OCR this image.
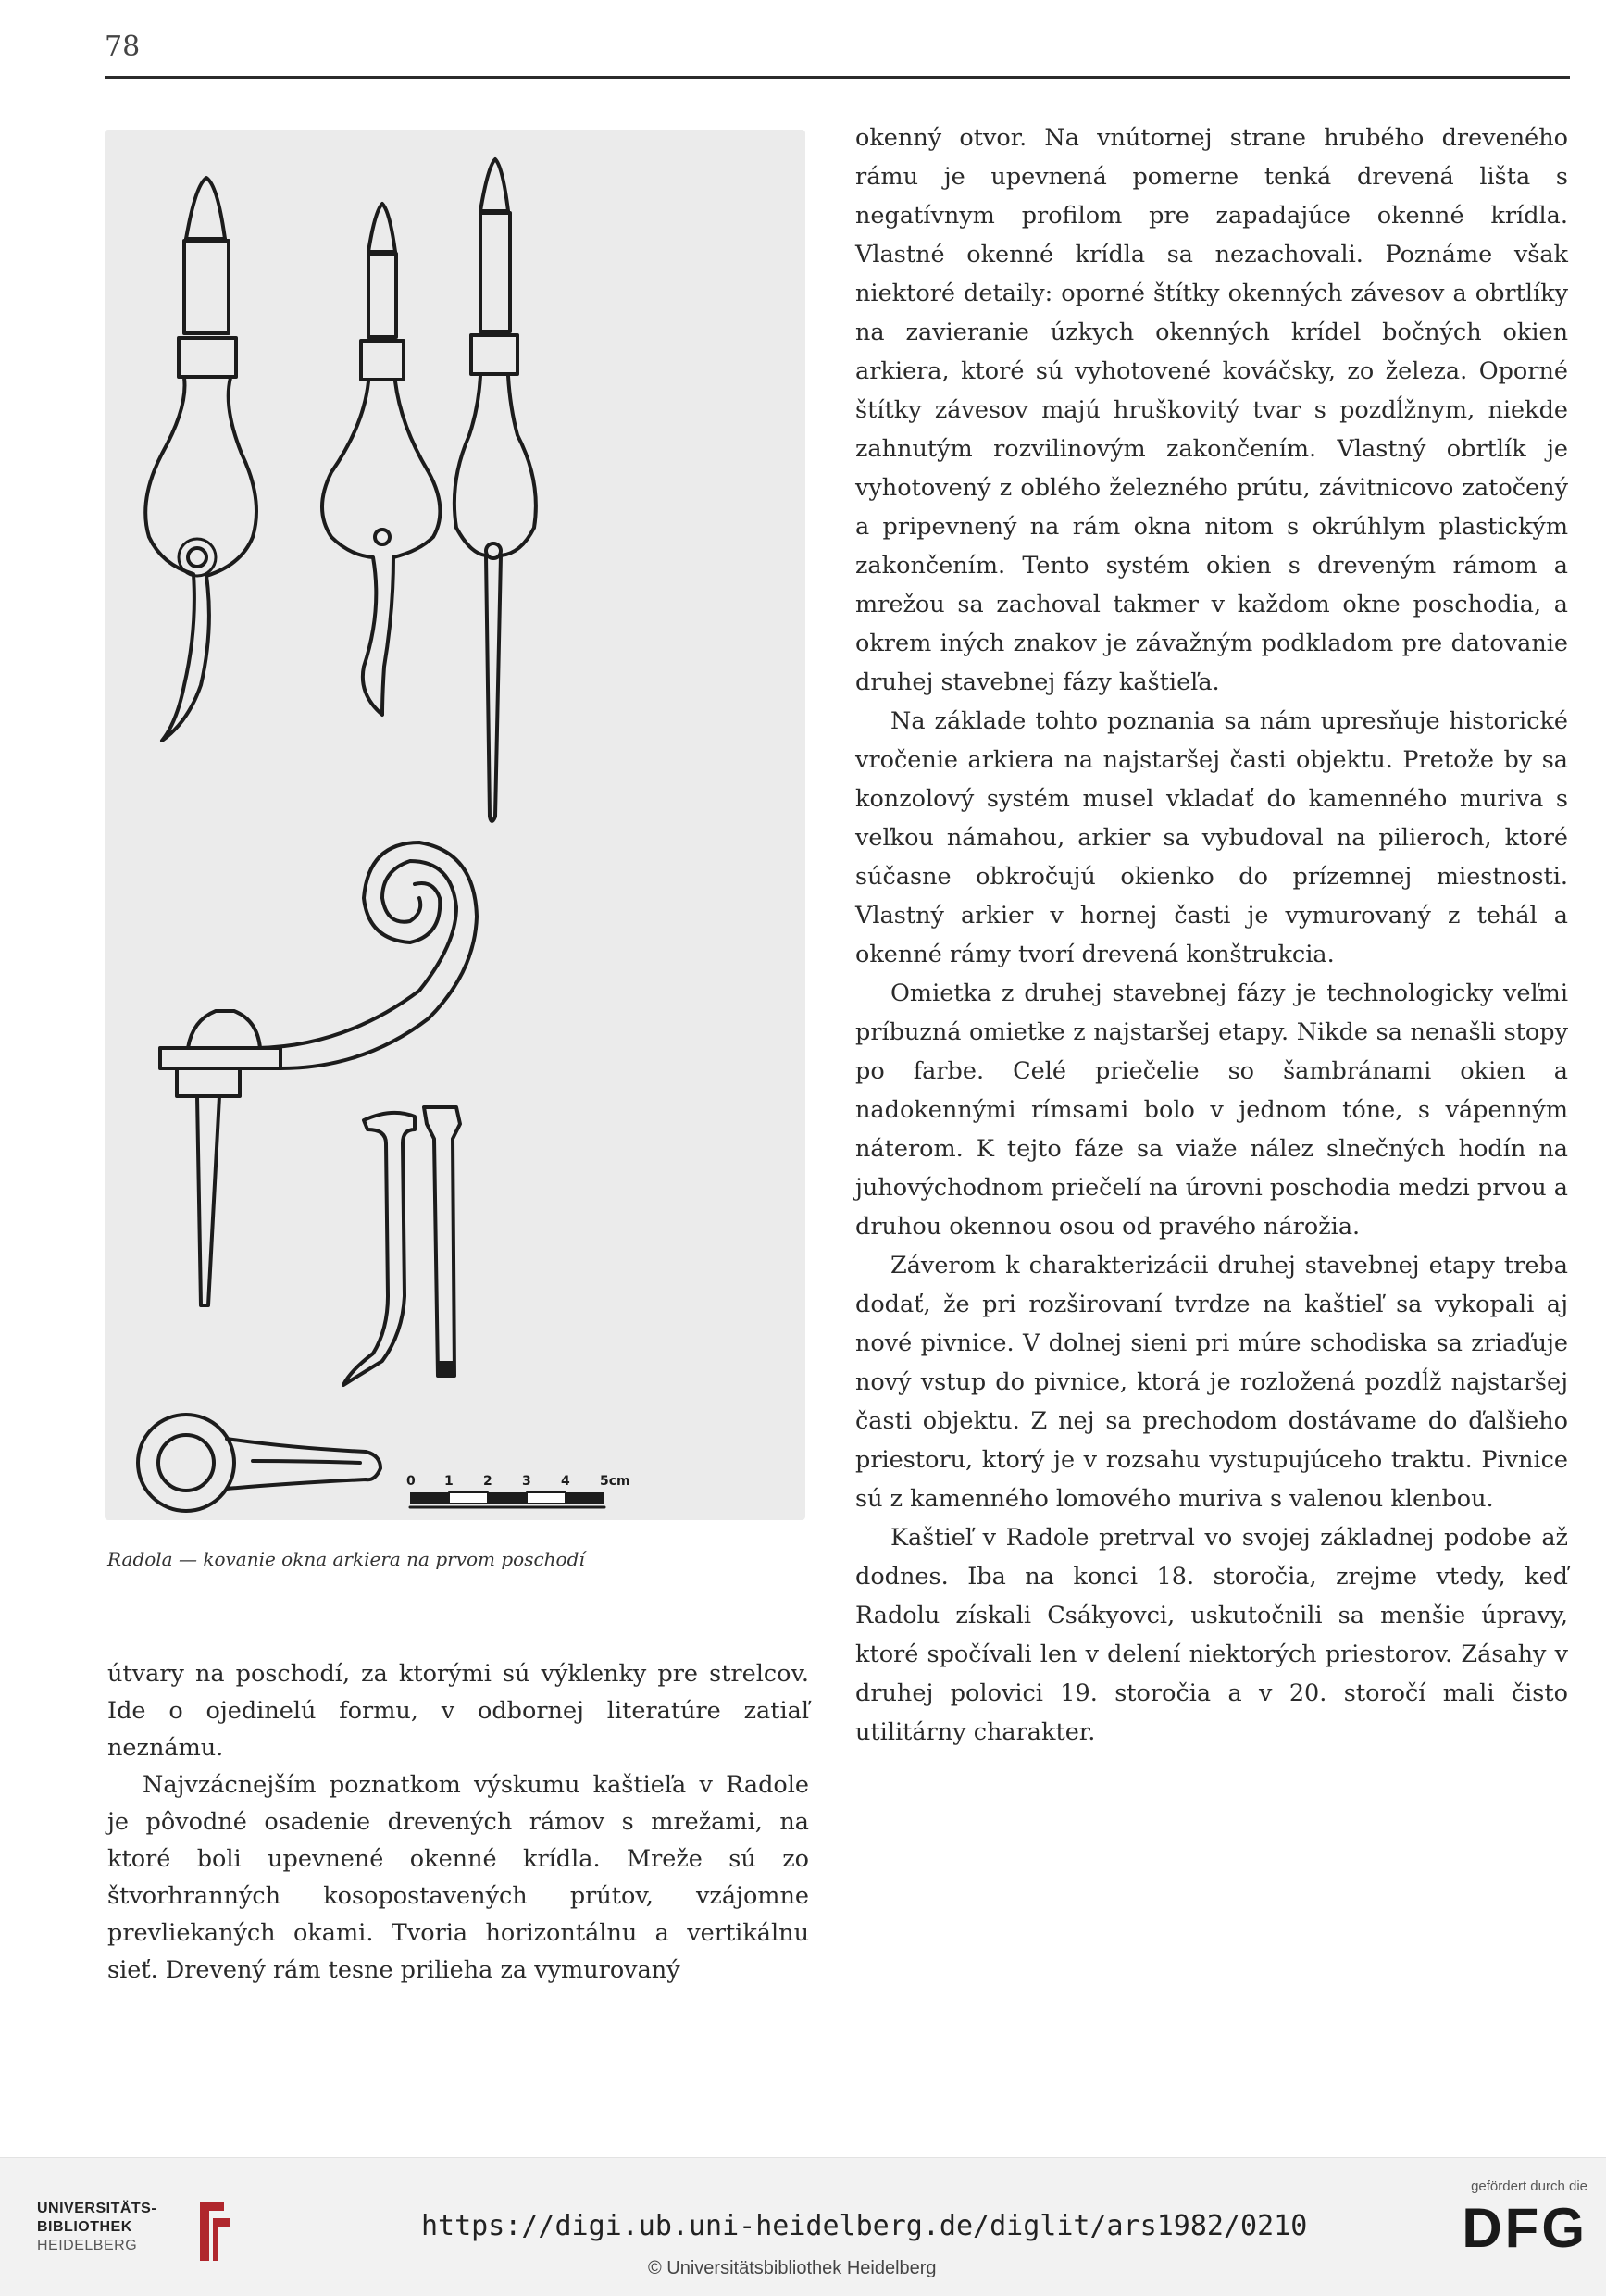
78
0 1 2 3 4 5cm
Radola — kovanie okna arkiera na prvom poschodí

útvary na poschodí, za ktorými sú výklenky pre strelcov. Ide o ojedinelú formu, v odbornej literatúre zatiaľ neznámu.

Najvzácnejším poznatkom výskumu kaštieľa v Radole je pôvodné osadenie drevených rámov s mrežami, na ktoré boli upevnené okenné krídla. Mreže sú zo štvorhranných kosopostavených prútov, vzájomne prevliekaných okami. Tvoria horizontálnu a vertikálnu sieť. Drevený rám tesne prilieha za vymurovaný

okenný otvor. Na vnútornej strane hrubého dreveného rámu je upevnená pomerne tenká drevená lišta s negatívnym profilom pre zapadajúce okenné krídla. Vlastné okenné krídla sa nezachovali. Poznáme však niektoré detaily: oporné štítky okenných závesov a obrtlíky na zavieranie úzkych okenných krídel bočných okien arkiera, ktoré sú vyhotovené kováčsky, zo železa. Oporné štítky závesov majú hruškovitý tvar s pozdĺžnym, niekde zahnutým rozvilinovým zakončením. Vlastný obrtlík je vyhotovený z oblého železného prútu, závitnicovo zatočený a pripevnený na rám okna nitom s okrúhlym plastickým zakončením. Tento systém okien s dreveným rámom a mrežou sa zachoval takmer v každom okne poschodia, a okrem iných znakov je závažným podkladom pre datovanie druhej stavebnej fázy kaštieľa.

Na základe tohto poznania sa nám upresňuje historické vročenie arkiera na najstaršej časti objektu. Pretože by sa konzolový systém musel vkladať do kamenného muriva s veľkou námahou, arkier sa vybudoval na pilieroch, ktoré súčasne obkročujú okienko do prízemnej miestnosti. Vlastný arkier v hornej časti je vymurovaný z tehál a okenné rámy tvorí drevená konštrukcia.

Omietka z druhej stavebnej fázy je technologicky veľmi príbuzná omietke z najstaršej etapy. Nikde sa nenašli stopy po farbe. Celé priečelie so šambránami okien a nadokennými rímsami bolo v jednom tóne, s vápenným náterom. K tejto fáze sa viaže nález slnečných hodín na juhovýchodnom priečelí na úrovni poschodia medzi prvou a druhou okennou osou od pravého nárožia.

Záverom k charakterizácii druhej stavebnej etapy treba dodať, že pri rozširovaní tvrdze na kaštieľ sa vykopali aj nové pivnice. V dolnej sieni pri múre schodiska sa zriaďuje nový vstup do pivnice, ktorá je rozložená pozdĺž najstaršej časti objektu. Z nej sa prechodom dostávame do ďalšieho priestoru, ktorý je v rozsahu vystupujúceho traktu. Pivnice sú z kamenného lomového muriva s valenou klenbou.

Kaštieľ v Radole pretrval vo svojej základnej podobe až dodnes. Iba na konci 18. storočia, zrejme vtedy, keď Radolu získali Csákyovci, uskutočnili sa menšie úpravy, ktoré spočívali len v delení niektorých priestorov. Zásahy v druhej polovici 19. storočia a v 20. storočí mali čisto utilitárny charakter.

UNIVERSITÄTS-
BIBLIOTHEK
HEIDELBERG
https://digi.ub.uni-heidelberg.de/diglit/ars1982/0210
© Universitätsbibliothek Heidelberg
gefördert durch die
DFG
